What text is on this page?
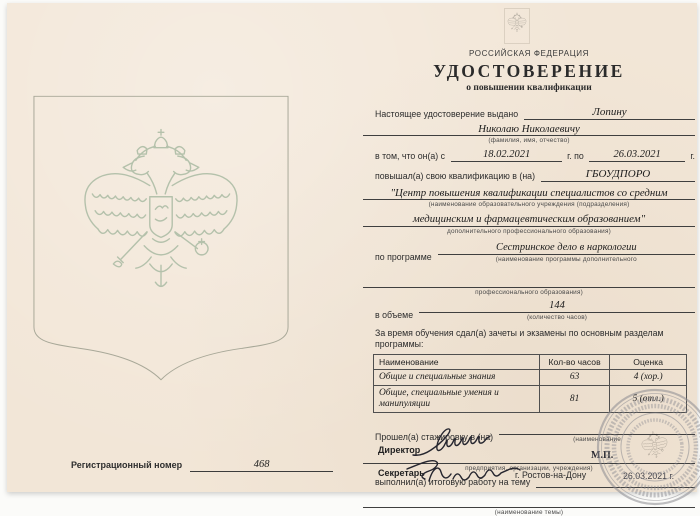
Регистрационный номер	468
РОССИЙСКАЯ ФЕДЕРАЦИЯ
УДОСТОВЕРЕНИЕ
о повышении квалификации
Настоящее удостоверение выдано	Лопину
Николаю Николаевичу
(фамилия, имя, отчество)
в том, что он(а) с	18.02.2021	г. по	26.03.2021	г.
повышал(а) свою квалификацию в (на)	ГБОУДПОРО
"Центр повышения квалификации специалистов со средним
(наименование образовательного учреждения (подразделения)
медицинским и фармацевтическим образованием"
дополнительного профессионального образования)
по программе
Сестринское дело в наркологии
(наименование программы дополнительного

профессионального образования)
в объеме
144
(количество часов)
За время обучения сдал(а) зачеты и экзамены по основным разделам программы:
Наименование	Кол-во часов	Оценка
Общие и специальные знания	63	4 (хор.)
Общие, специальные умения и манипуляции	81	5 (отл.)
Прошел(а) стажировку в (на)
	(наименование

предприятия, организации, учреждения)
выполнил(а) итоговую работу на тему

(наименование темы)
Директор
Секретарь	г. Ростов-на-Дону
М.П.
26.03.2021 г.
